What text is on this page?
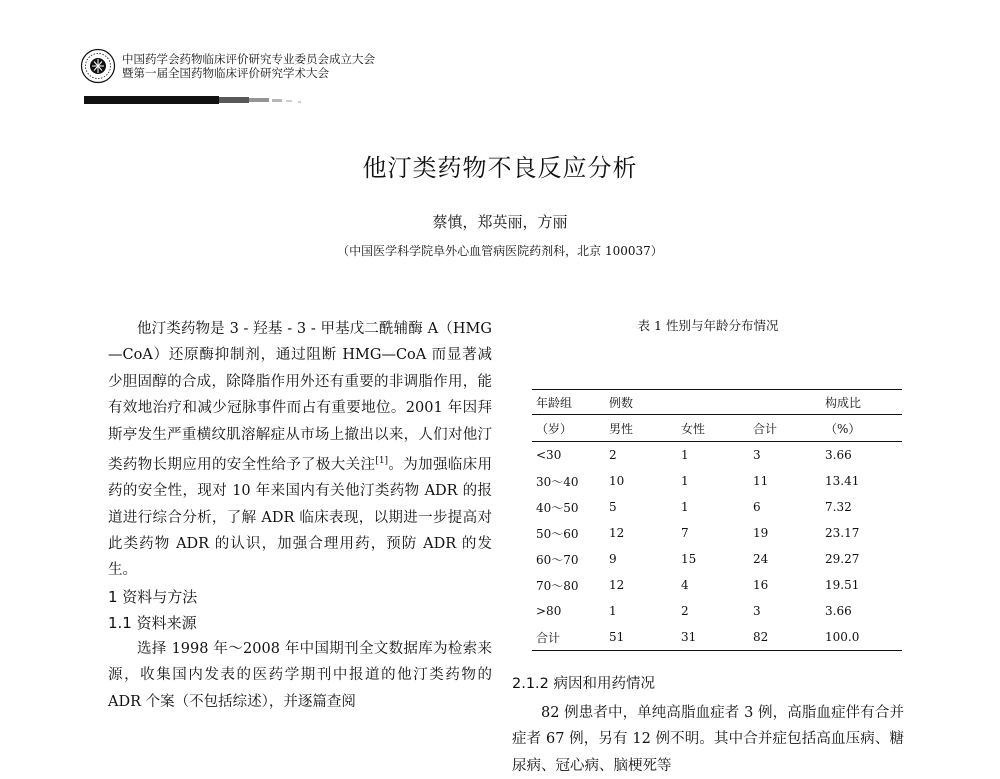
中国药学会药物临床评价研究专业委员会成立大会
暨第一届全国药物临床评价研究学术大会
他汀类药物不良反应分析
蔡慎，郑英丽，方丽
（中国医学科学院阜外心血管病医院药剂科，北京 100037）

他汀类药物是 3 - 羟基 - 3 - 甲基戊二酰辅酶 A（HMG—CoA）还原酶抑制剂，通过阻断 HMG—CoA 而显著减少胆固醇的合成，除降脂作用外还有重要的非调脂作用，能有效地治疗和减少冠脉事件而占有重要地位。2001 年因拜斯亭发生严重横纹肌溶解症从市场上撤出以来，人们对他汀类药物长期应用的安全性给予了极大关注[1]。为加强临床用药的安全性，现对 10 年来国内有关他汀类药物 ADR 的报道进行综合分析，了解 ADR 临床表现，以期进一步提高对此类药物 ADR 的认识，加强合理用药，预防 ADR 的发生。

1 资料与方法

1.1 资料来源

选择 1998 年～2008 年中国期刊全文数据库为检索来源，收集国内发表的医药学期刊中报道的他汀类药物的 ADR 个案（不包括综述），并逐篇查阅

表 1 性别与年龄分布情况
年龄组	例数			构成比
（岁）	男性	女性	合计	（%）
<30	2	1	3	3.66
30～40	10	1	11	13.41
40～50	5	1	6	7.32
50～60	12	7	19	23.17
60～70	9	15	24	29.27
70～80	12	4	16	19.51
>80	1	2	3	3.66
合计	51	31	82	100.0
2.1.2 病因和用药情况

82 例患者中，单纯高脂血症者 3 例，高脂血症伴有合并症者 67 例，另有 12 例不明。其中合并症包括高血压病、糖尿病、冠心病、脑梗死等
